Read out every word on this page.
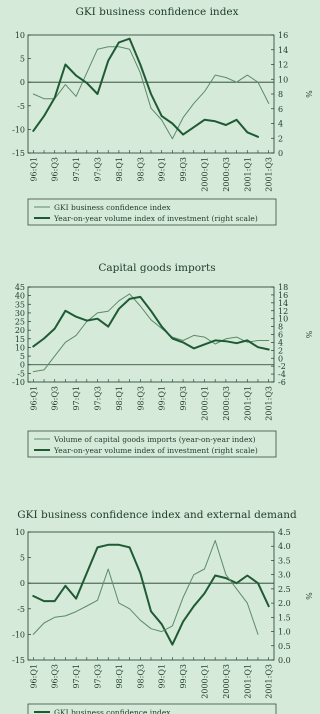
GKI business confidence index
10
5
0
-5
-10
-15
16
14
12
10
8
6
4
2
0
%
96:Q1 96:Q3 97:Q1 97:Q3 98:Q1 98:Q3 99:Q1 99:Q3 2000:Q1 2000:Q3 2001:Q1 2001:Q3
GKI business confidence index
Year-on-year volume index of investment (right scale)
Capital goods imports
45
40
35
30
25
20
15
10
5
0
-5
-10
18
16
14
12
10
8
6
4
2
0
-2
-4
-6
%
96:Q1 96:Q3 97:Q1 97:Q3 98:Q1 98:Q3 99:Q1 99:Q3 2000:Q1 2000:Q3 2001:Q1 2001:Q3
Volume of capital goods imports (year-on-year index)
Year-on-year volume index of investment (right scale)
GKI business confidence index and external demand
10
5
0
-5
-10
-15
4.5
4.0
3.5
3.0
2.5
2.0
1.5
1.0
0.5
0.0
%
96:Q1 96:Q3 97:Q1 97:Q3 98:Q1 98:Q3 99:Q1 99:Q3 2000:Q1 2000:Q3 2001:Q1 2001:Q3
GKI business confidence index
